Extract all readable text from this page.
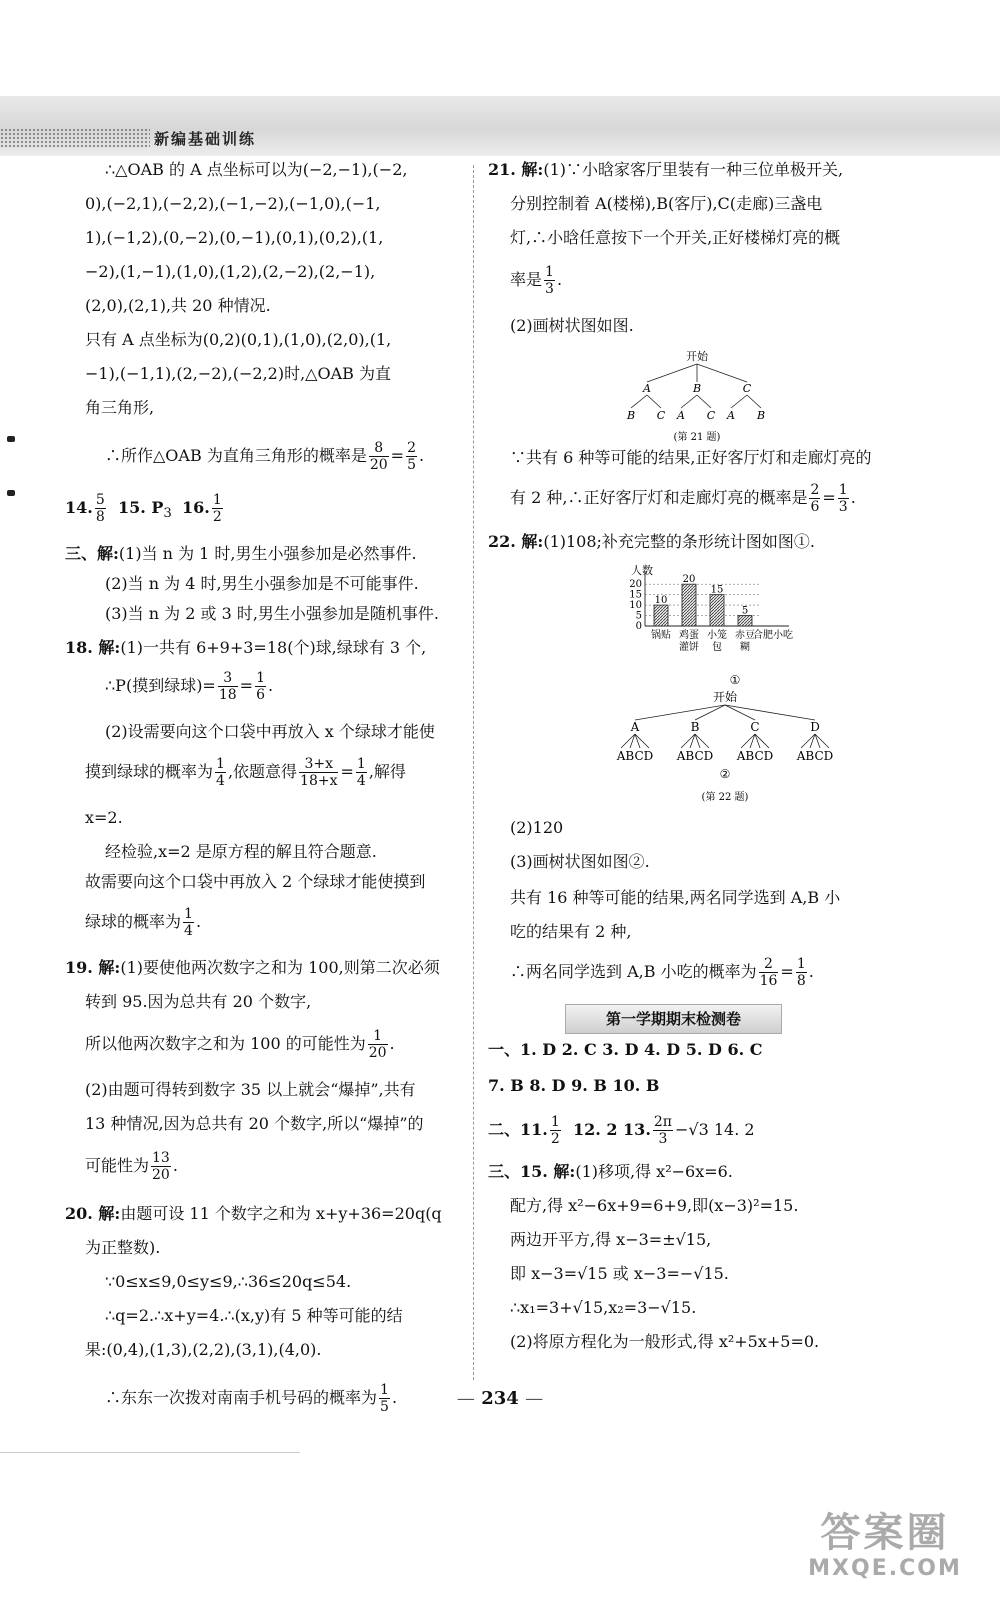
新编基础训练

∴△OAB 的 A 点坐标可以为(−2,−1),(−2,

0),(−2,1),(−2,2),(−1,−2),(−1,0),(−1,

1),(−1,2),(0,−2),(0,−1),(0,1),(0,2),(1,

−2),(1,−1),(1,0),(1,2),(2,−2),(2,−1),

(2,0),(2,1),共 20 种情况.

只有 A 点坐标为(0,2)(0,1),(1,0),(2,0),(1,

−1),(−1,1),(2,−2),(−2,2)时,△OAB 为直

角三角形,

∴所作△OAB 为直角三角形的概率是 $\frac{8}{20} = \frac{2}{5}$ .

14. $\frac{5}{8} 15$. $P_3$ 16. $\frac{1}{2}$

三、解:(1)当 n 为 1 时,男生小强参加是必然事件.

(2)当 n 为 4 时,男生小强参加是不可能事件.

(3)当 n 为 2 或 3 时,男生小强参加是随机事件.

18. 解:(1)一共有 6+9+3=18(个)球,绿球有 3 个,

∴P(摸到绿球)= $\frac{3}{18} = \frac{1}{6}$ .

(2)设需要向这个口袋中再放入 x 个绿球才能使

摸到绿球的概率为 $\frac{1}{4}$ ,依题意得 $\frac{3+x}{18+x} = \frac{1}{4}$ ,解得

x=2.

经检验,x=2 是原方程的解且符合题意.

故需要向这个口袋中再放入 2 个绿球才能使摸到

绿球的概率为 $\frac{1}{4}$ .

19. 解:(1)要使他两次数字之和为 100,则第二次必须

转到 95.因为总共有 20 个数字,

所以他两次数字之和为 100 的可能性为 $\frac{1}{20}$ .

(2)由题可得转到数字 35 以上就会“爆掉”,共有

13 种情况,因为总共有 20 个数字,所以“爆掉”的

可能性为 $\frac{13}{20}$ .

20. 解:由题可设 11 个数字之和为 x+y+36=20q(q

为正整数).

∵0≤x≤9,0≤y≤9,∴36≤20q≤54.

∴q=2.∴x+y=4.∴(x,y)有 5 种等可能的结

果:(0,4),(1,3),(2,2),(3,1),(4,0).

∴东东一次拨对南南手机号码的概率为 $\frac{1}{5}$ .

21. 解:(1)∵小晗家客厅里装有一种三位单极开关,

分别控制着 A(楼梯),B(客厅),C(走廊)三盏电

灯,∴小晗任意按下一个开关,正好楼梯灯亮的概

率是 $\frac{1}{3}$ .

(2)画树状图如图.

开始
A	B	C
B C A C A B
(第 21 题)

∵共有 6 种等可能的结果,正好客厅灯和走廊灯亮的

有 2 种,∴正好客厅灯和走廊灯亮的概率是 $\frac{2}{6} = \frac{1}{3}$ .

22. 解:(1)108;补充完整的条形统计图如图①.

人数
0
5
10
15
20
10
锅贴
20
鸡蛋
灌饼
15
小笼
包
5
赤豆
糊
合肥小吃
①
开始
A	B	C	D
ABCD ABCD ABCD ABCD
②
(第 22 题)

(2)120

(3)画树状图如图②.

共有 16 种等可能的结果,两名同学选到 A,B 小

吃的结果有 2 种,

∴两名同学选到 A,B 小吃的概率为 $\frac{2}{16} = \frac{1}{8}$ .

第一学期期末检测卷

一、1. D 2. C 3. D 4. D 5. D 6. C

7. B 8. D 9. B 10. B

二、11. $\frac{1}{2} 12$. 2 13. $\frac{2\pi}{3} -√3$ 14. 2

三、15. 解:(1)移项,得 x²−6x=6.

配方,得 x²−6x+9=6+9,即(x−3)²=15.

两边开平方,得 x−3=±√15,

即 x−3=√15 或 x−3=−√15.

∴x₁=3+√15,x₂=3−√15.

(2)将原方程化为一般形式,得 x²+5x+5=0.

— 234 —
答案圈
MXQE.COM
